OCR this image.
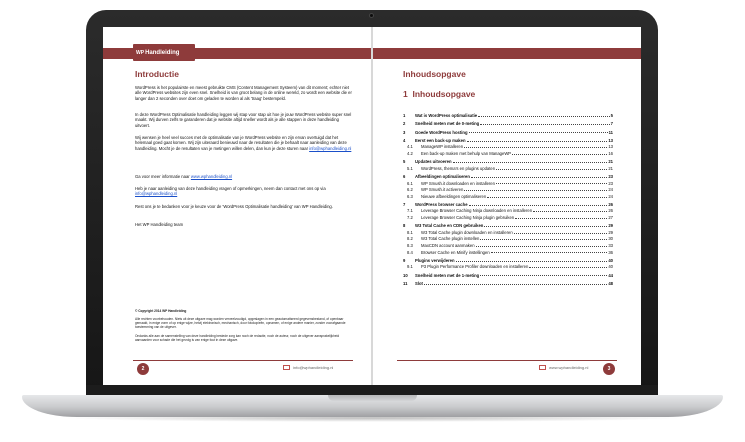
WP Handleiding
Introductie
WordPress is het populairste en meest gebruikte CMS (Content Management Systeem) van dit moment; echter niet alle WordPress websites zijn even snel. Snelheid is van groot belang in de online wereld, zo wordt een website die er langer dan 2 seconden over doet om geladen te worden al als 'traag' bestempeld.
In deze WordPress Optimalisatie handleiding leggen wij stap voor stap uit hoe je jouw WordPress website super snel maakt. Wij durven zelfs te garanderen dat je website altijd sneller wordt als je alle stappen in deze handleiding uitvoert.
Wij wensen je heel veel succes met de optimalisatie van je WordPress website en zijn ervan overtuigd dat het helemaal goed gaat komen. Wij zijn uiteraard benieuwd naar de resultaten die je behaalt naar aanleiding van deze handleiding. Mocht je de resultaten van je metingen willen delen, dan kun je deze sturen naar info@wphandleiding.nl
Ga voor meer informatie naar www.wphandleiding.nl
Heb je naar aanleiding van deze handleiding vragen of opmerkingen, neem dan contact met ons op via info@wphandleiding.nl
Rest ons je te bedanken voor je keuze voor de 'WordPress Optimalisatie handleiding' van WP Handleiding.
Het WP Handleiding team
© Copyright 2014 WP Handleiding
Alle rechten voorbehouden. Niets uit deze uitgave mag worden verveelvoudigd, opgeslagen in een geautomatiseerd gegevensbestand, of openbaar gemaakt, in enige vorm of op enige wijze, hetzij elektronisch, mechanisch, door fotokopieën, opnamen, of enige andere manier, zonder voorafgaande toestemming van de uitgever.
Ondanks alle aan de samenstelling van deze handleiding bestede zorg kan noch de redactie, noch de auteur, noch de uitgever aansprakelijkheid aanvaarden voor schade die het gevolg is van enige fout in deze uitgave.
2	info@wphandleiding.nl
Inhoudsopgave
1 Inhoudsopgave
1	Wat is WordPress optimalisatie	5
2	Snelheid meten met de 0-meting	7
3	Goede WordPress hosting	11
4	Eerst een back-up maken	13
4.1	ManageWP installeren	13
4.2	Een back-up maken met behulp van ManageWP	16
5	Updates uitvoeren	21
5.1	WordPress, thema's en plugins updaten	21
6	Afbeeldingen optimaliseren	23
6.1	WP Smush.it downloaden en installeren	23
6.2	WP Smush.it activeren	24
6.3	Nieuwe afbeeldingen optimaliseren	24
7	WordPress browser cache	26
7.1	Leverage Browser Caching Ninja downloaden en installeren	26
7.2	Leverage Browser Caching Ninja plugin gebruiken	27
8	W3 Total Cache en CDN gebruiken	29
8.1	W3 Total Cache plugin downloaden en installeren	29
8.2	W3 Total Cache plugin instellen	30
8.3	MaxCDN account aanmaken	33
8.4	Browser Cache en Minify instellingen	36
9	Plugins verwijderen	40
9.1	P3 Plugin Performance Profiler downloaden en installeren	40
10	Snelheid meten met de 1-meting	44
11	Slot	48
www.wphandleiding.nl	3
